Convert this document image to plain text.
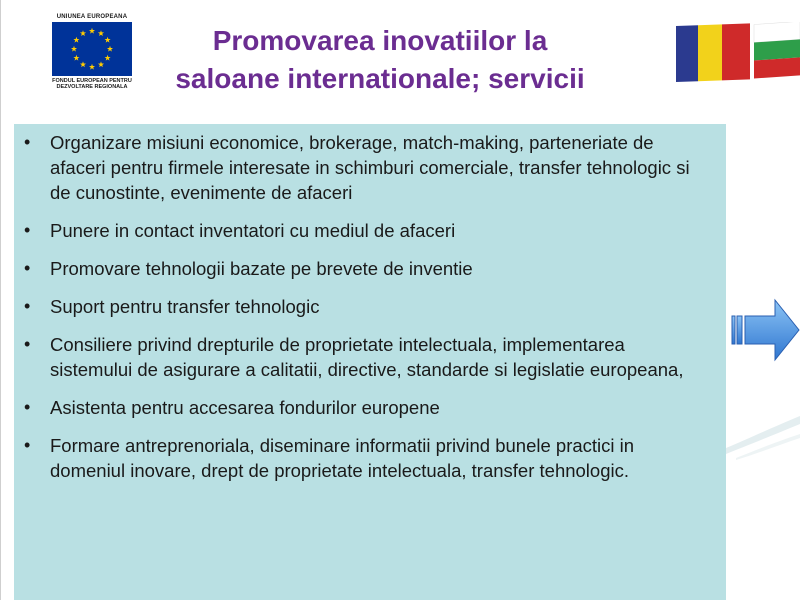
UNIUNEA EUROPEANA
FONDUL EUROPEAN PENTRU
DEZVOLTARE REGIONALA
Promovarea inovatiilor la
saloane internationale; servicii
• Organizare misiuni economice, brokerage, match-making, parteneriate de afaceri pentru firmele interesate in schimburi comerciale, transfer tehnologic si de cunostinte, evenimente de afaceri
• Punere in contact inventatori cu mediul de afaceri
• Promovare tehnologii bazate pe brevete de inventie
• Suport pentru transfer tehnologic
• Consiliere privind drepturile de proprietate intelectuala, implementarea sistemului de asigurare a calitatii, directive, standarde si legislatie europeana,
• Asistenta pentru accesarea fondurilor europene
• Formare antreprenoriala, diseminare informatii privind bunele practici in domeniul inovare, drept de proprietate intelectuala, transfer tehnologic.
